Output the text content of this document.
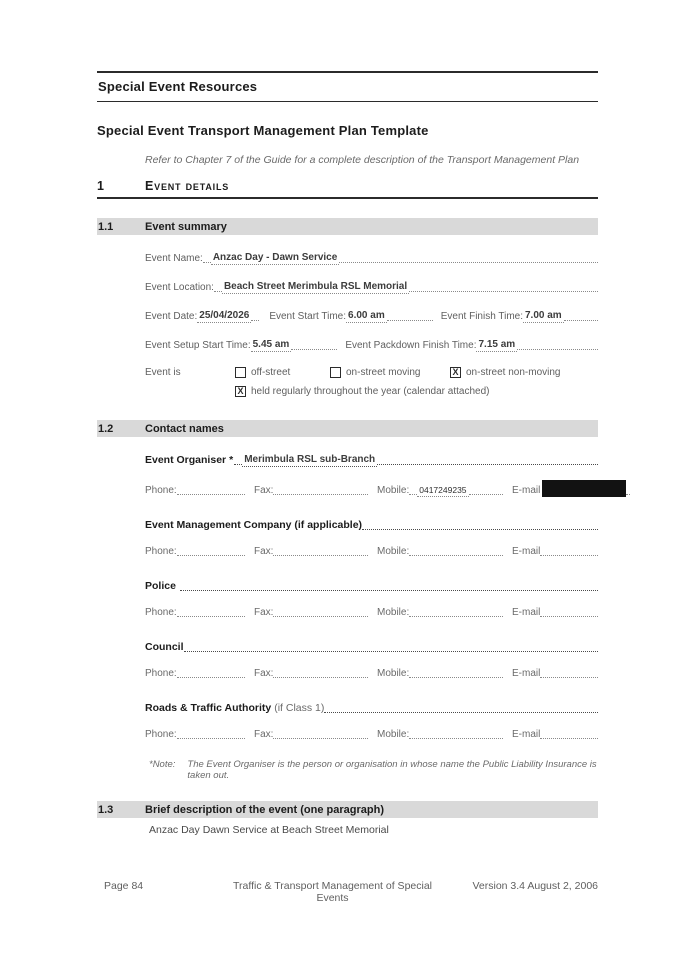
Special Event Resources
Special Event Transport Management Plan Template
Refer to Chapter 7 of the Guide for a complete description of the Transport Management Plan
1	Event details
1.1	Event summary
Event Name: Anzac Day - Dawn Service
Event Location: Beach Street Merimbula RSL Memorial
Event Date: 25/04/2026 Event Start Time: 6.00 am	Event Finish Time: 7.00 am
Event Setup Start Time: 5.45 am	Event Packdown Finish Time: 7.15 am
Event is	off-street	on-street moving	X on-street non-moving
X held regularly throughout the year (calendar attached)
1.2	Contact names
Event Organiser * Merimbula RSL sub-Branch
Phone:	Fax:	Mobile: 0417249235	E-mail
Event Management Company (if applicable)
Phone:	Fax:	Mobile:	E-mail
Police
Phone:	Fax:	Mobile:	E-mail
Council
Phone:	Fax:	Mobile:	E-mail
Roads & Traffic Authority (if Class 1)
Phone:	Fax:	Mobile:	E-mail
*Note: The Event Organiser is the person or organisation in whose name the Public Liability Insurance is taken out.
1.3	Brief description of the event (one paragraph)
Anzac Day Dawn Service at Beach Street Memorial
Page 84	Traffic & Transport Management of Special Events
Version 3.4 August 2, 2006
